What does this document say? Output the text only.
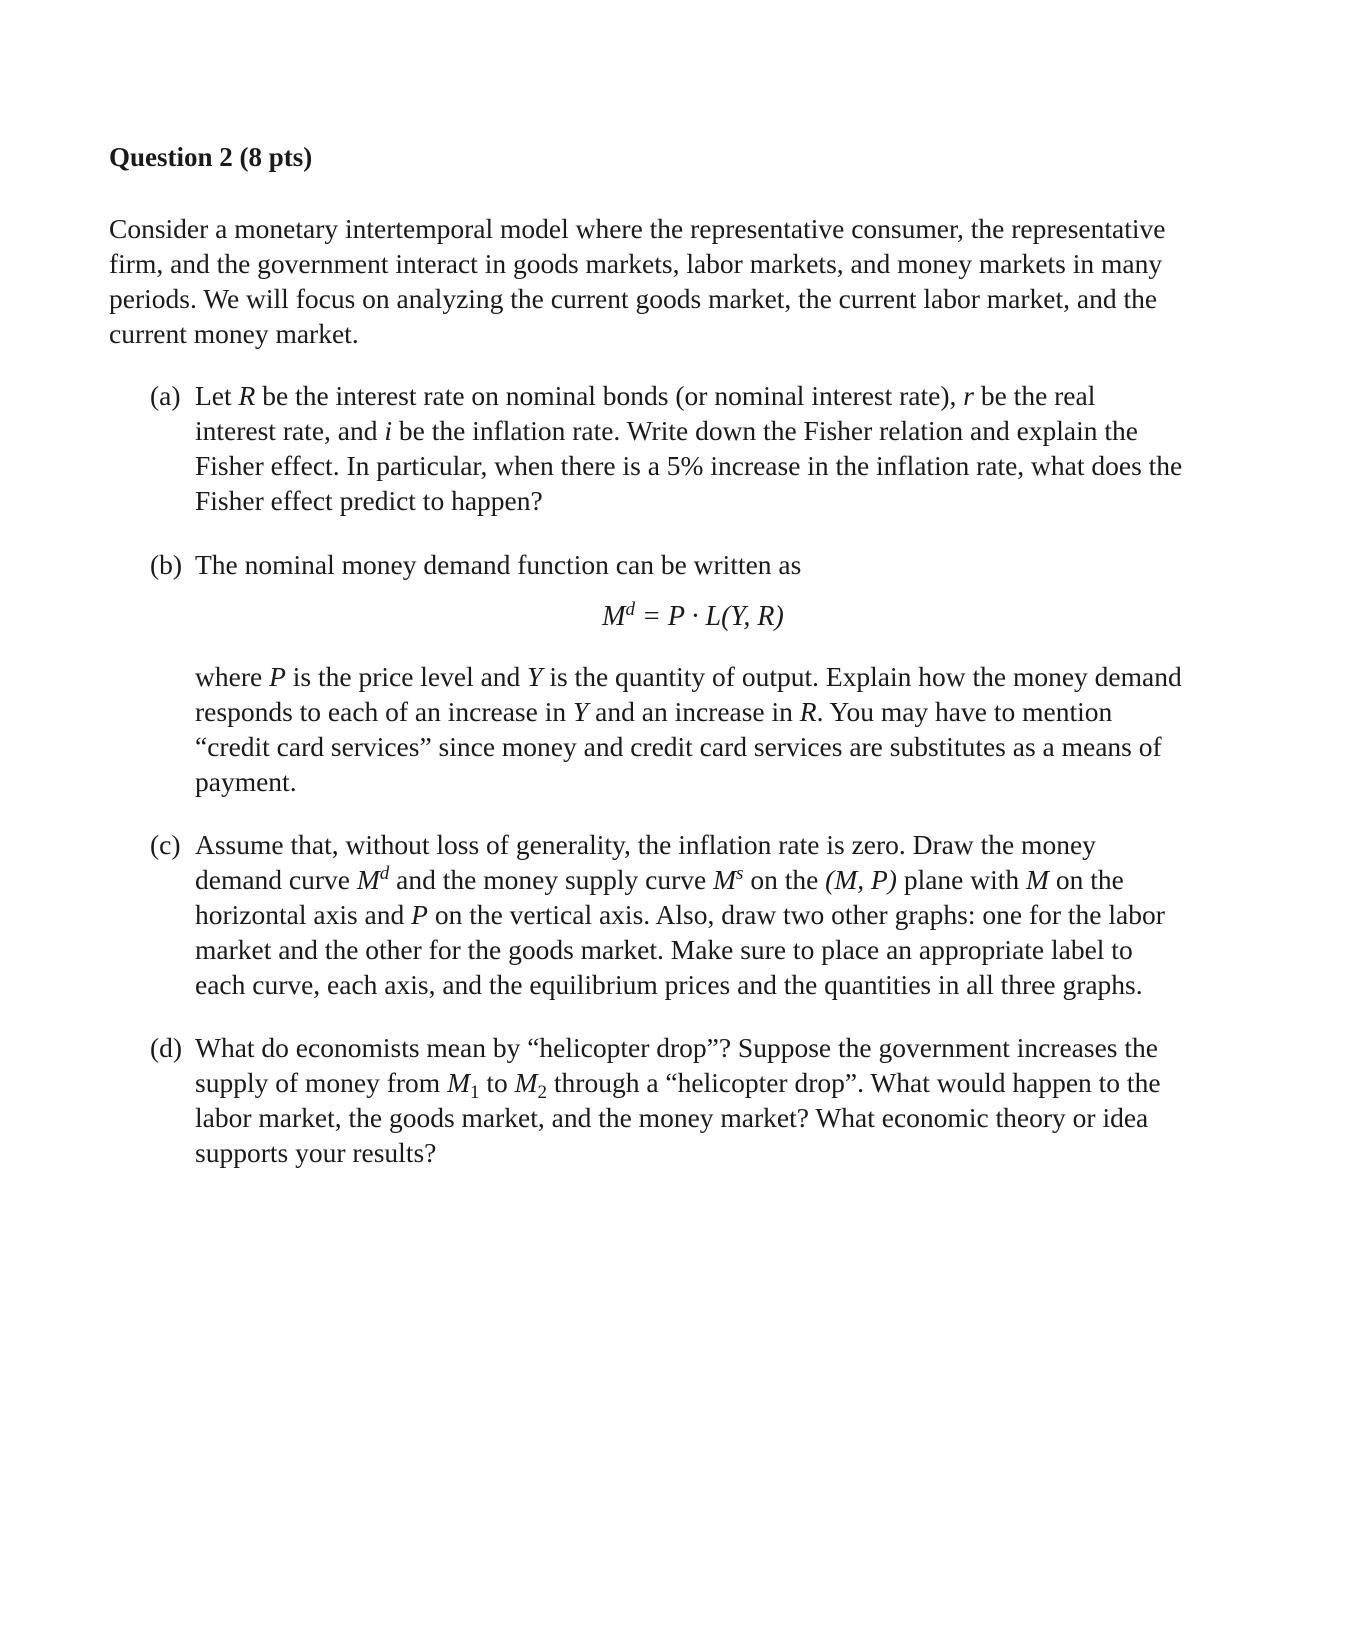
Question 2 (8 pts)
Consider a monetary intertemporal model where the representative consumer, the representative
firm, and the government interact in goods markets, labor markets, and money markets in many
periods. We will focus on analyzing the current goods market, the current labor market, and the
current money market.
(a) Let R be the interest rate on nominal bonds (or nominal interest rate), r be the real
interest rate, and i be the inflation rate. Write down the Fisher relation and explain the
Fisher effect. In particular, when there is a 5% increase in the inflation rate, what does the
Fisher effect predict to happen?
(b) The nominal money demand function can be written as
$M^d = P \cdot L(Y$, R)
where P is the price level and Y is the quantity of output. Explain how the money demand
responds to each of an increase in Y and an increase in R. You may have to mention
“credit card services” since money and credit card services are substitutes as a means of
payment.
(c) Assume that, without loss of generality, the inflation rate is zero. Draw the money
demand curve $M^d$ and the money supply curve $M^s$ on the (M, P) plane with M on the
horizontal axis and P on the vertical axis. Also, draw two other graphs: one for the labor
market and the other for the goods market. Make sure to place an appropriate label to
each curve, each axis, and the equilibrium prices and the quantities in all three graphs.
(d) What do economists mean by “helicopter drop”? Suppose the government increases the
supply of money from $M_1$ to $M_2$ through a “helicopter drop”. What would happen to the
labor market, the goods market, and the money market? What economic theory or idea
supports your results?
